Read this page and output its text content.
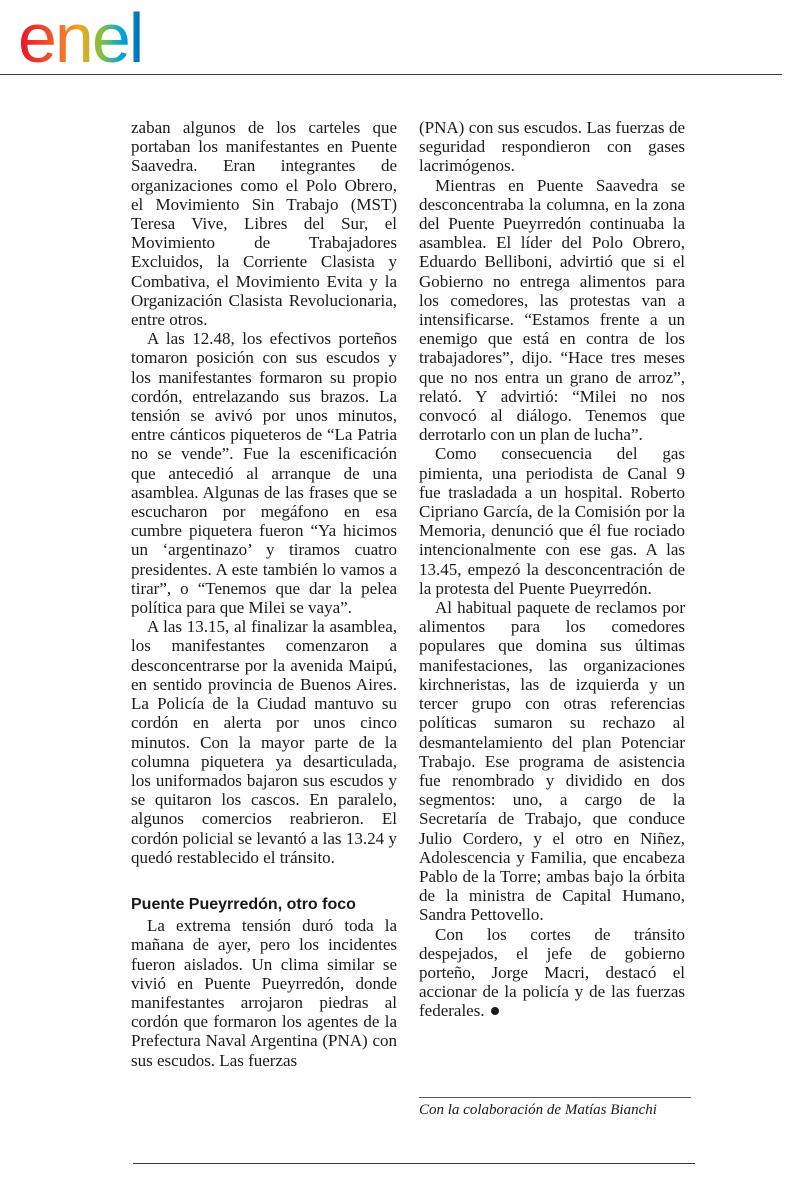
enel

zaban algunos de los carteles que portaban los manifestantes en Puente Saavedra. Eran integrantes de organizaciones como el Polo Obrero, el Movimiento Sin Trabajo (MST) Teresa Vive, Libres del Sur, el Movimiento de Trabajadores Excluidos, la Corriente Clasista y Combativa, el Movimiento Evita y la Organización Clasista Revolucionaria, entre otros.

A las 12.48, los efectivos porteños tomaron posición con sus escudos y los manifestantes formaron su propio cordón, entrelazando sus brazos. La tensión se avivó por unos minutos, entre cánticos piqueteros de “La Patria no se vende”. Fue la escenificación que antecedió al arranque de una asamblea. Algunas de las frases que se escucharon por megáfono en esa cumbre piquetera fueron “Ya hicimos un ‘argentinazo’ y tiramos cuatro presidentes. A este también lo vamos a tirar”, o “Tenemos que dar la pelea política para que Milei se vaya”.

A las 13.15, al finalizar la asamblea, los manifestantes comenzaron a desconcentrarse por la avenida Maipú, en sentido provincia de Buenos Aires. La Policía de la Ciudad mantuvo su cordón en alerta por unos cinco minutos. Con la mayor parte de la columna piquetera ya desarticulada, los uniformados bajaron sus escudos y se quitaron los cascos. En paralelo, algunos comercios reabrieron. El cordón policial se levantó a las 13.24 y quedó restablecido el tránsito.

Puente Pueyrredón, otro foco

La extrema tensión duró toda la mañana de ayer, pero los incidentes fueron aislados. Un clima similar se vivió en Puente Pueyrredón, donde manifestantes arrojaron piedras al cordón que formaron los agentes de la Prefectura Naval Argentina (PNA) con sus escudos. Las fuerzas

(PNA) con sus escudos. Las fuerzas de seguridad respondieron con gases lacrimógenos.

Mientras en Puente Saavedra se desconcentraba la columna, en la zona del Puente Pueyrredón continuaba la asamblea. El líder del Polo Obrero, Eduardo Belliboni, advirtió que si el Gobierno no entrega alimentos para los comedores, las protestas van a intensificarse. “Estamos frente a un enemigo que está en contra de los trabajadores”, dijo. “Hace tres meses que no nos entra un grano de arroz”, relató. Y advirtió: “Milei no nos convocó al diálogo. Tenemos que derrotarlo con un plan de lucha”.

Como consecuencia del gas pimienta, una periodista de Canal 9 fue trasladada a un hospital. Roberto Cipriano García, de la Comisión por la Memoria, denunció que él fue rociado intencionalmente con ese gas. A las 13.45, empezó la desconcentración de la protesta del Puente Pueyrredón.

Al habitual paquete de reclamos por alimentos para los comedores populares que domina sus últimas manifestaciones, las organizaciones kirchneristas, las de izquierda y un tercer grupo con otras referencias políticas sumaron su rechazo al desmantelamiento del plan Potenciar Trabajo. Ese programa de asistencia fue renombrado y dividido en dos segmentos: uno, a cargo de la Secretaría de Trabajo, que conduce Julio Cordero, y el otro en Niñez, Adolescencia y Familia, que encabeza Pablo de la Torre; ambas bajo la órbita de la ministra de Capital Humano, Sandra Pettovello.

Con los cortes de tránsito despejados, el jefe de gobierno porteño, Jorge Macri, destacó el accionar de la policía y de las fuerzas federales.

Con la colaboración de Matías Bianchi
